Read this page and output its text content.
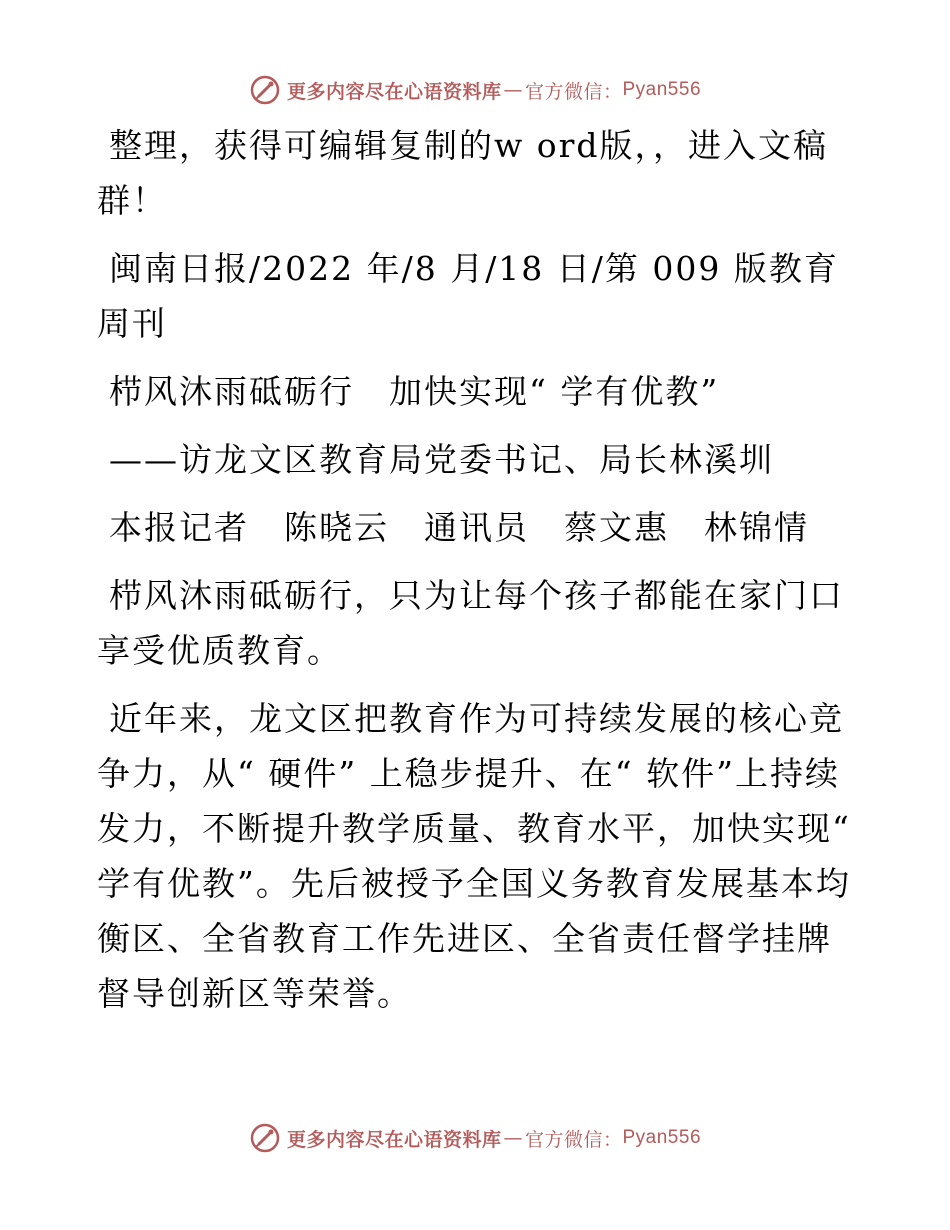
更多内容尽在心语资料库 — 官方微信： Pyan556

整理，获得可编辑复制的w ord版，，进入文稿群！

闽南日报/2022 年/8 月/18 日/第 009 版教育周刊

栉风沐雨砥砺行　加快实现“ 学有优教”

——访龙文区教育局党委书记、局长林溪圳

本报记者　陈晓云　通讯员　蔡文惠　林锦情

栉风沐雨砥砺行，只为让每个孩子都能在家门口享受优质教育。

近年来，龙文区把教育作为可持续发展的核心竞争力，从“ 硬件” 上稳步提升、在“ 软件”上持续发力，不断提升教学质量、教育水平，加快实现“ 学有优教”。先后被授予全国义务教育发展基本均衡区、全省教育工作先进区、全省责任督学挂牌督导创新区等荣誉。

更多内容尽在心语资料库 — 官方微信： Pyan556
